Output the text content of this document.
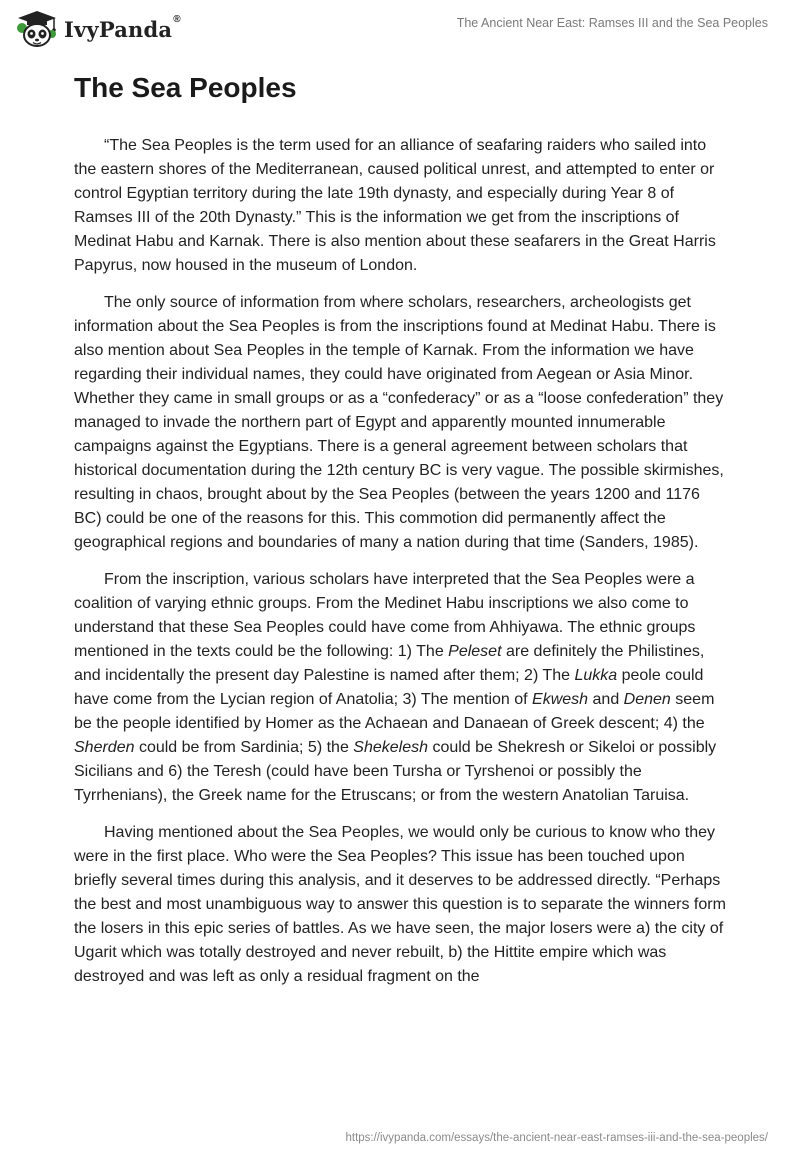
IvyPanda ®	The Ancient Near East: Ramses III and the Sea Peoples
The Sea Peoples

“The Sea Peoples is the term used for an alliance of seafaring raiders who sailed into the eastern shores of the Mediterranean, caused political unrest, and attempted to enter or control Egyptian territory during the late 19th dynasty, and especially during Year 8 of Ramses III of the 20th Dynasty.” This is the information we get from the inscriptions of Medinat Habu and Karnak. There is also mention about these seafarers in the Great Harris Papyrus, now housed in the museum of London.

The only source of information from where scholars, researchers, archeologists get information about the Sea Peoples is from the inscriptions found at Medinat Habu. There is also mention about Sea Peoples in the temple of Karnak. From the information we have regarding their individual names, they could have originated from Aegean or Asia Minor. Whether they came in small groups or as a “confederacy” or as a “loose confederation” they managed to invade the northern part of Egypt and apparently mounted innumerable campaigns against the Egyptians. There is a general agreement between scholars that historical documentation during the 12th century BC is very vague. The possible skirmishes, resulting in chaos, brought about by the Sea Peoples (between the years 1200 and 1176 BC) could be one of the reasons for this. This commotion did permanently affect the geographical regions and boundaries of many a nation during that time (Sanders, 1985).

From the inscription, various scholars have interpreted that the Sea Peoples were a coalition of varying ethnic groups. From the Medinet Habu inscriptions we also come to understand that these Sea Peoples could have come from Ahhiyawa. The ethnic groups mentioned in the texts could be the following: 1) The Peleset are definitely the Philistines, and incidentally the present day Palestine is named after them; 2) The Lukka peole could have come from the Lycian region of Anatolia; 3) The mention of Ekwesh and Denen seem be the people identified by Homer as the Achaean and Danaean of Greek descent; 4) the Sherden could be from Sardinia; 5) the Shekelesh could be Shekresh or Sikeloi or possibly Sicilians and 6) the Teresh (could have been Tursha or Tyrshenoi or possibly the Tyrrhenians), the Greek name for the Etruscans; or from the western Anatolian Taruisa.

Having mentioned about the Sea Peoples, we would only be curious to know who they were in the first place. Who were the Sea Peoples? This issue has been touched upon briefly several times during this analysis, and it deserves to be addressed directly. “Perhaps the best and most unambiguous way to answer this question is to separate the winners form the losers in this epic series of battles. As we have seen, the major losers were a) the city of Ugarit which was totally destroyed and never rebuilt, b) the Hittite empire which was destroyed and was left as only a residual fragment on the

https://ivypanda.com/essays/the-ancient-near-east-ramses-iii-and-the-sea-peoples/
